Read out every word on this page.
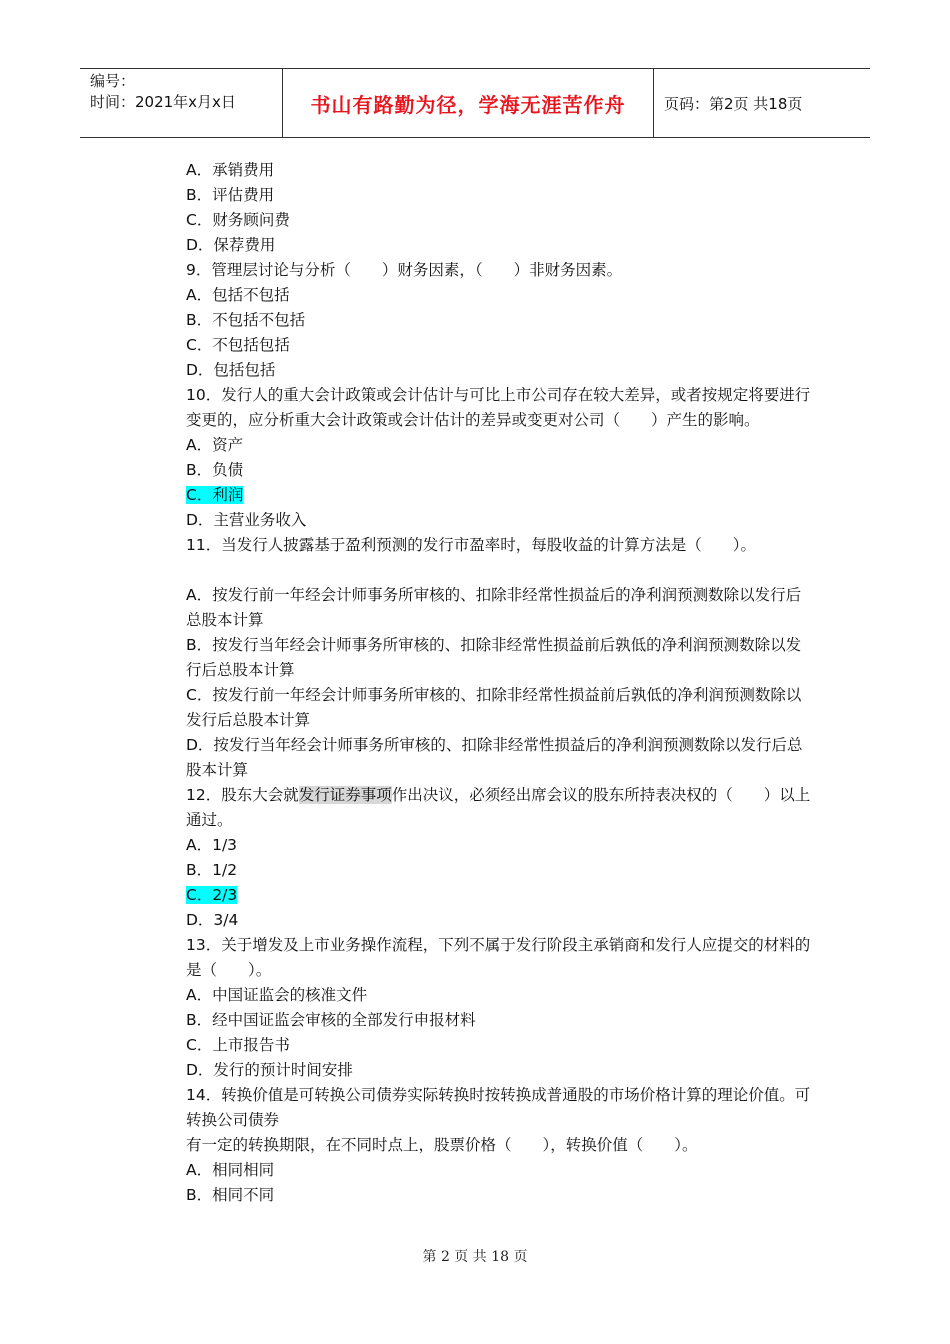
编号：
时间：2021年x月x日	书山有路勤为径，学海无涯苦作舟	页码：第2页 共18页
A．承销费用
B．评估费用
C．财务顾问费
D．保荐费用
9．管理层讨论与分析（　　）财务因素，（　　）非财务因素。
A．包括不包括
B．不包括不包括
C．不包括包括
D．包括包括
10．发行人的重大会计政策或会计估计与可比上市公司存在较大差异，或者按规定将要进行变更的，应分析重大会计政策或会计估计的差异或变更对公司（　　）产生的影响。
A．资产
B．负债
C．利润
D．主营业务收入
11．当发行人披露基于盈利预测的发行市盈率时，每股收益的计算方法是（　　）。
A．按发行前一年经会计师事务所审核的、扣除非经常性损益后的净利润预测数除以发行后总股本计算
B．按发行当年经会计师事务所审核的、扣除非经常性损益前后孰低的净利润预测数除以发行后总股本计算
C．按发行前一年经会计师事务所审核的、扣除非经常性损益前后孰低的净利润预测数除以发行后总股本计算
D．按发行当年经会计师事务所审核的、扣除非经常性损益后的净利润预测数除以发行后总股本计算
12．股东大会就发行证券事项作出决议，必须经出席会议的股东所持表决权的（　　）以上通过。
A．1/3
B．1/2
C．2/3
D．3/4
13．关于增发及上市业务操作流程，下列不属于发行阶段主承销商和发行人应提交的材料的是（　　）。
A．中国证监会的核准文件
B．经中国证监会审核的全部发行申报材料
C．上市报告书
D．发行的预计时间安排
14．转换价值是可转换公司债券实际转换时按转换成普通股的市场价格计算的理论价值。可转换公司债券
有一定的转换期限，在不同时点上，股票价格（　　），转换价值（　　）。
A．相同相同
B．相同不同
第 2 页 共 18 页
